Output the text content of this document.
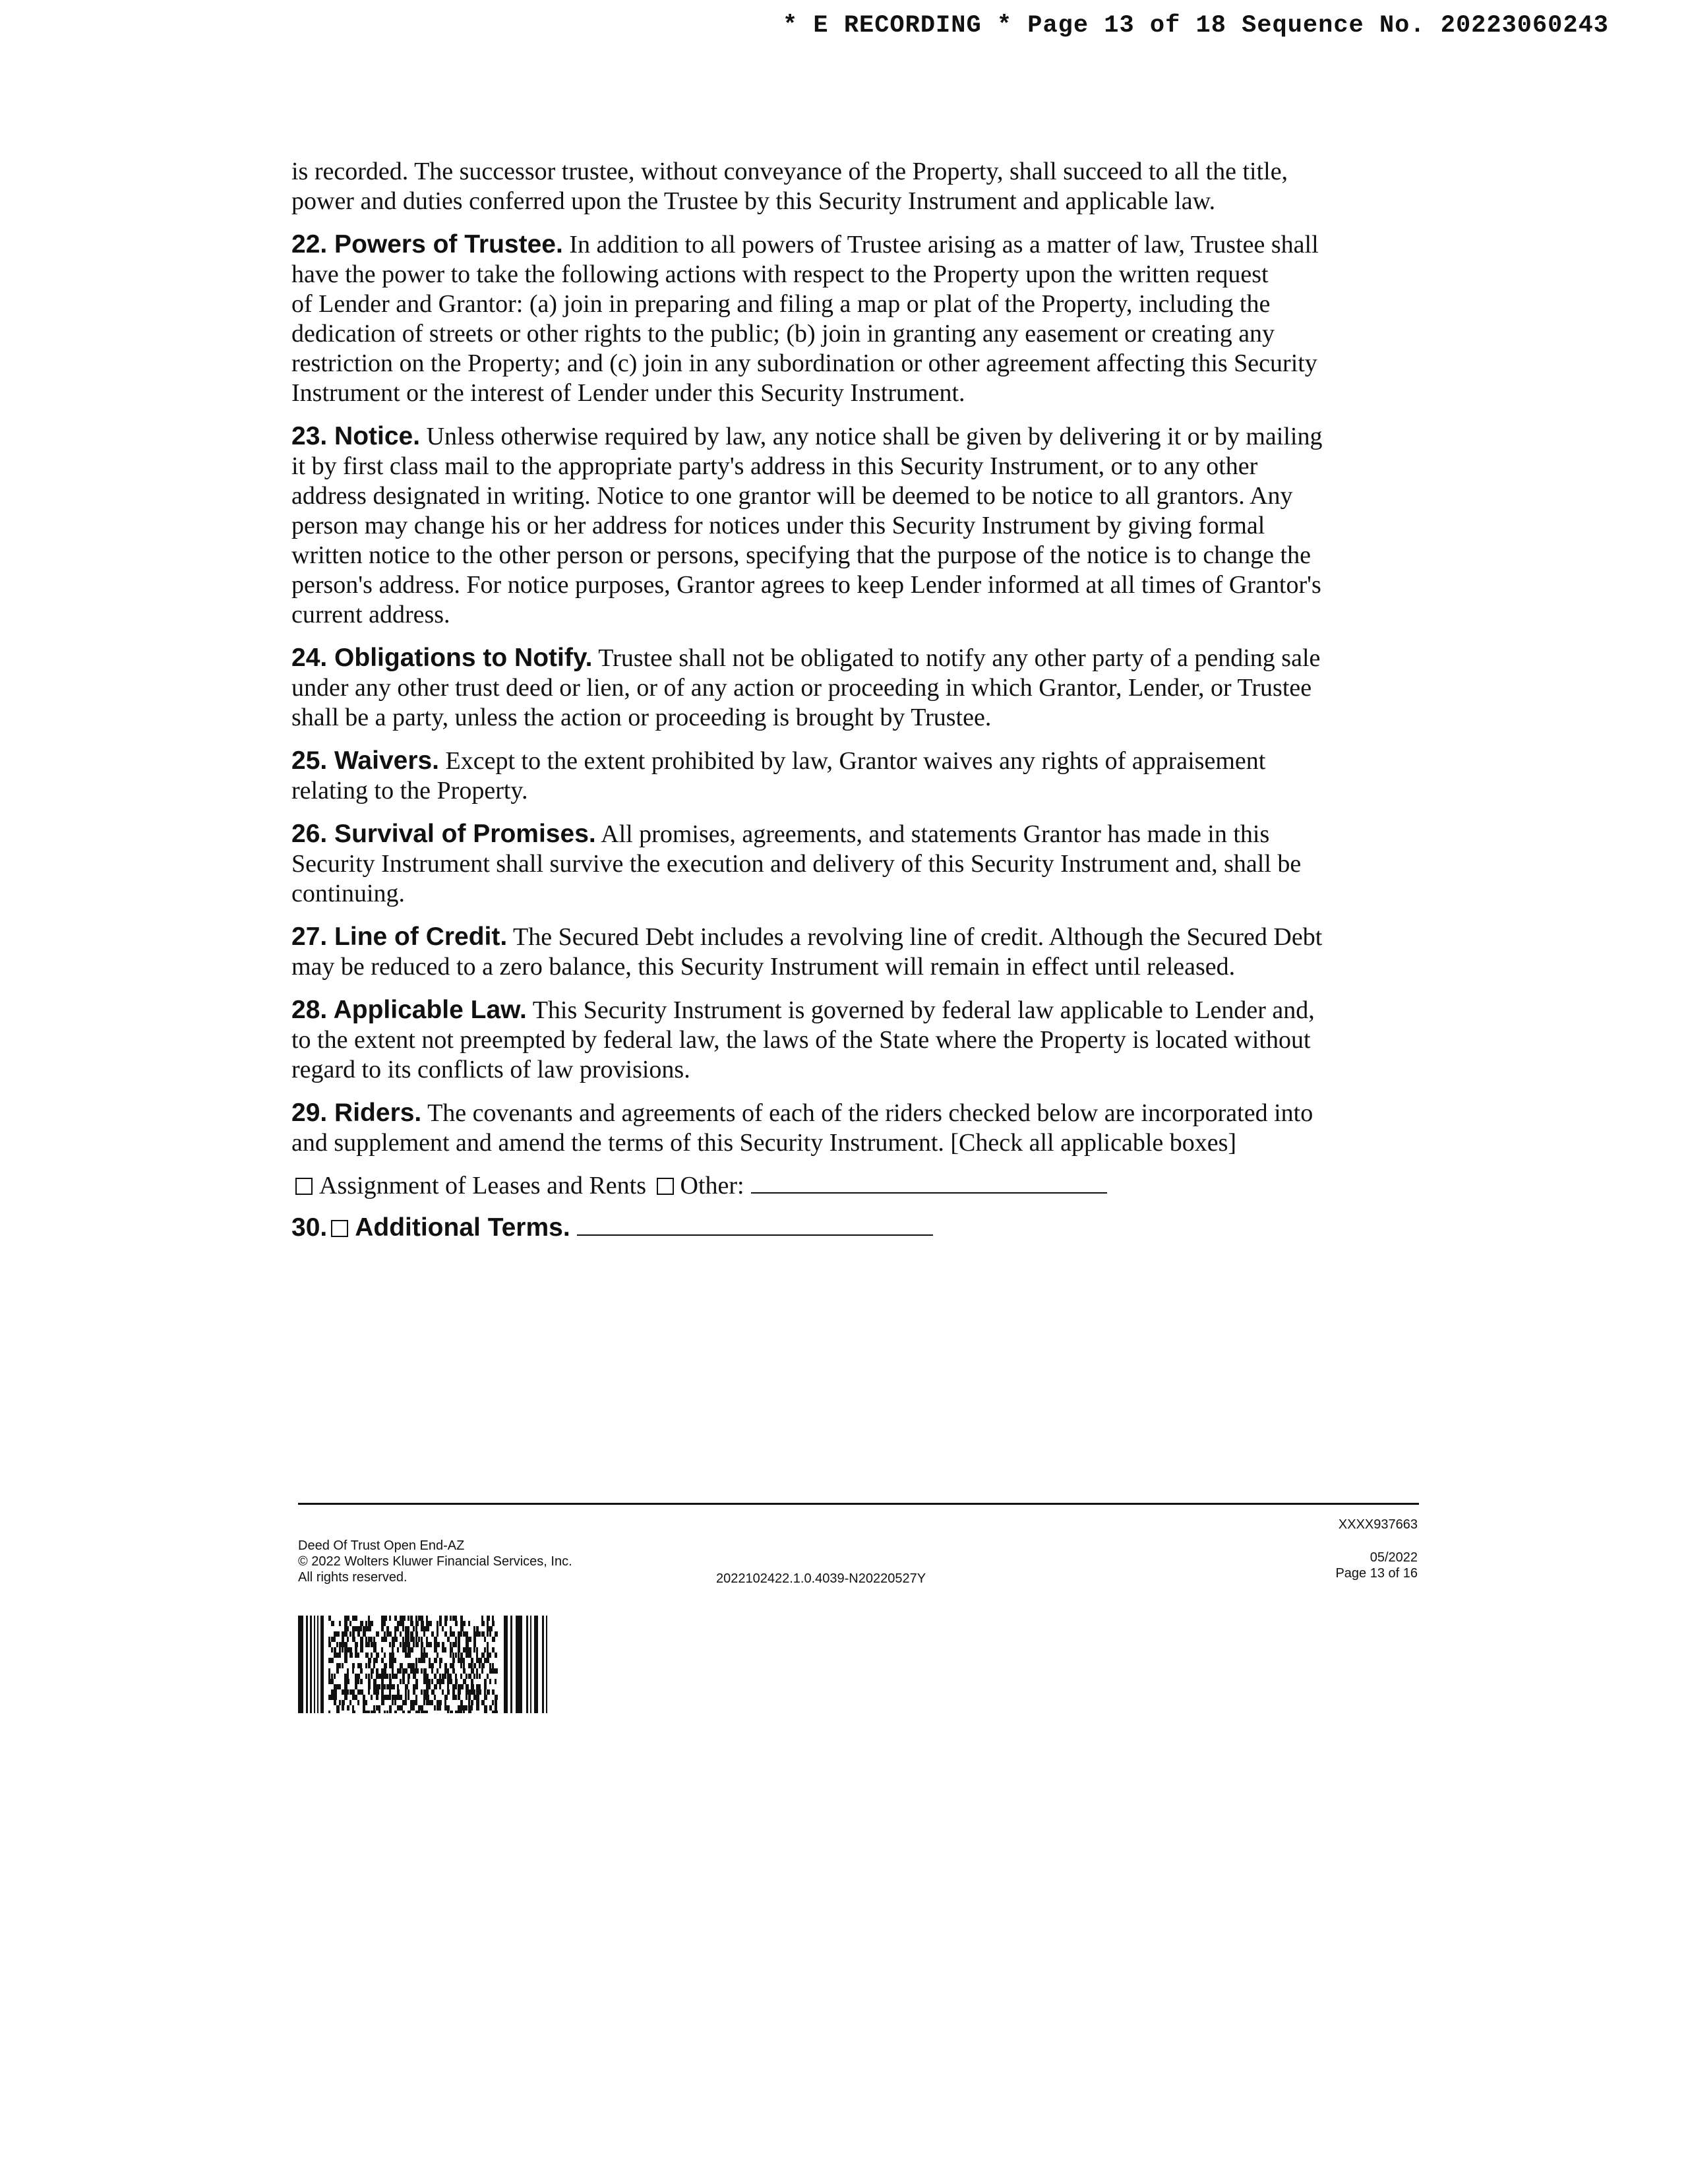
* E RECORDING * Page 13 of 18 Sequence No. 20223060243

is recorded. The successor trustee, without conveyance of the Property, shall succeed to all the title,
power and duties conferred upon the Trustee by this Security Instrument and applicable law.

22. Powers of Trustee. In addition to all powers of Trustee arising as a matter of law, Trustee shall
have the power to take the following actions with respect to the Property upon the written request
of Lender and Grantor: (a) join in preparing and filing a map or plat of the Property, including the
dedication of streets or other rights to the public; (b) join in granting any easement or creating any
restriction on the Property; and (c) join in any subordination or other agreement affecting this Security
Instrument or the interest of Lender under this Security Instrument.

23. Notice. Unless otherwise required by law, any notice shall be given by delivering it or by mailing
it by first class mail to the appropriate party's address in this Security Instrument, or to any other
address designated in writing. Notice to one grantor will be deemed to be notice to all grantors. Any
person may change his or her address for notices under this Security Instrument by giving formal
written notice to the other person or persons, specifying that the purpose of the notice is to change the
person's address. For notice purposes, Grantor agrees to keep Lender informed at all times of Grantor's
current address.

24. Obligations to Notify. Trustee shall not be obligated to notify any other party of a pending sale
under any other trust deed or lien, or of any action or proceeding in which Grantor, Lender, or Trustee
shall be a party, unless the action or proceeding is brought by Trustee.

25. Waivers. Except to the extent prohibited by law, Grantor waives any rights of appraisement
relating to the Property.

26. Survival of Promises. All promises, agreements, and statements Grantor has made in this
Security Instrument shall survive the execution and delivery of this Security Instrument and, shall be
continuing.

27. Line of Credit. The Secured Debt includes a revolving line of credit. Although the Secured Debt
may be reduced to a zero balance, this Security Instrument will remain in effect until released.

28. Applicable Law. This Security Instrument is governed by federal law applicable to Lender and,
to the extent not preempted by federal law, the laws of the State where the Property is located without
regard to its conflicts of law provisions.

29. Riders. The covenants and agreements of each of the riders checked below are incorporated into
and supplement and amend the terms of this Security Instrument. [Check all applicable boxes]

Assignment of Leases and Rents Other:
30. Additional Terms.
Deed Of Trust Open End-AZ
© 2022 Wolters Kluwer Financial Services, Inc.
All rights reserved.	2022102422.1.0.4039-N20220527Y
XXXX937663
05/2022
Page 13 of 16
